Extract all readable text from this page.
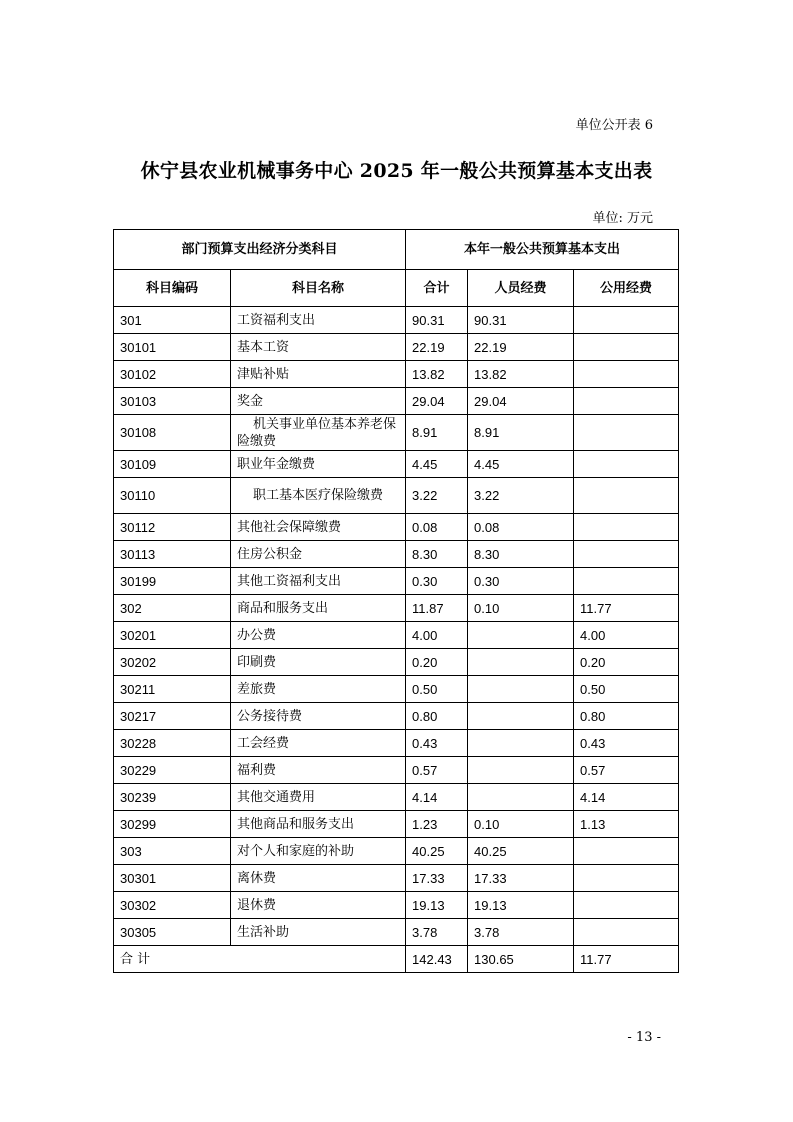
单位公开表 6
休宁县农业机械事务中心 2025 年一般公共预算基本支出表
单位: 万元
部门预算支出经济分类科目		本年一般公共预算基本支出		
科目编码	科目名称	合计	人员经费	公用经费
301	工资福利支出	90.31	90.31	
30101	基本工资	22.19	22.19	
30102	津贴补贴	13.82	13.82	
30103	奖金	29.04	29.04	
30108	机关事业单位基本养老保险缴费	8.91	8.91	
30109	职业年金缴费	4.45	4.45	
30110	职工基本医疗保险缴费	3.22	3.22	
30112	其他社会保障缴费	0.08	0.08	
30113	住房公积金	8.30	8.30	
30199	其他工资福利支出	0.30	0.30	
302	商品和服务支出	11.87	0.10	11.77
30201	办公费	4.00		4.00
30202	印刷费	0.20		0.20
30211	差旅费	0.50		0.50
30217	公务接待费	0.80		0.80
30228	工会经费	0.43		0.43
30229	福利费	0.57		0.57
30239	其他交通费用	4.14		4.14
30299	其他商品和服务支出	1.23	0.10	1.13
303	对个人和家庭的补助	40.25	40.25	
30301	离休费	17.33	17.33	
30302	退休费	19.13	19.13	
30305	生活补助	3.78	3.78	
合 计		142.43	130.65	11.77
- 13 -
